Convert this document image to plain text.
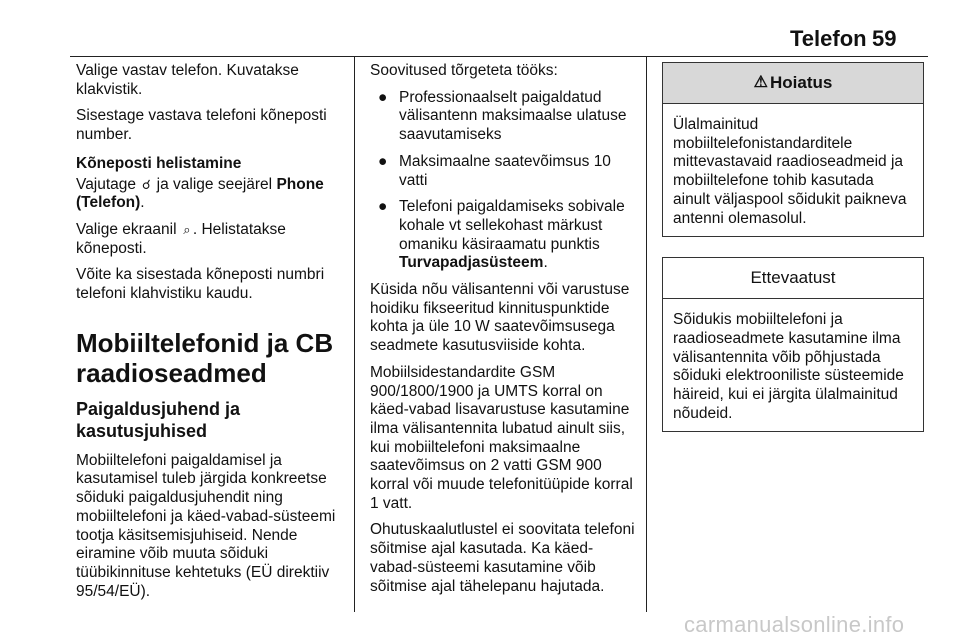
Telefon 59

Valige vastav telefon. Kuvatakse klakvistik.

Sisestage vastava telefoni kõneposti number.

Kõneposti helistamine

Vajutage ☌ ja valige seejärel Phone (Telefon).

Valige ekraanil ⌕ . Helistatakse kõneposti.

Võite ka sisestada kõneposti numbri telefoni klahvistiku kaudu.

Mobiiltelefonid ja CB raadioseadmed
Paigaldusjuhend ja kasutusjuhised

Mobiiltelefoni paigaldamisel ja kasutamisel tuleb järgida konkreetse sõiduki paigaldusjuhendit ning mobiiltelefoni ja käed-vabad-süsteemi tootja käsitsemisjuhiseid. Nende eiramine võib muuta sõiduki tüübikinnituse kehtetuks (EÜ direktiiv 95/54/EÜ).

Soovitused tõrgeteta tööks:

● Professionaalselt paigaldatud välisantenn maksimaalse ulatuse saavutamiseks
● Maksimaalne saatevõimsus 10 vatti
● Telefoni paigaldamiseks sobivale kohale vt sellekohast märkust omaniku käsiraamatu punktis Turvapadjasüsteem.

Küsida nõu välisantenni või varustuse hoidiku fikseeritud kinnituspunktide kohta ja üle 10 W saatevõimsusega seadmete kasutusviiside kohta.

Mobiilsidestandardite GSM 900/1800/1900 ja UMTS korral on käed-vabad lisavarustuse kasutamine ilma välisantennita lubatud ainult siis, kui mobiiltelefoni maksimaalne saatevõimsus on 2 vatti GSM 900 korral või muude telefonitüüpide korral 1 vatt.

Ohutuskaalutlustel ei soovitata telefoni sõitmise ajal kasutada. Ka käed-vabad-süsteemi kasutamine võib sõitmise ajal tähelepanu hajutada.

⚠ Hoiatus
Ülalmainitud mobiiltelefonistandarditele mittevastavaid raadioseadmeid ja mobiiltelefone tohib kasutada ainult väljaspool sõidukit paikneva antenni olemasolul.
Ettevaatust
Sõidukis mobiiltelefoni ja raadioseadmete kasutamine ilma välisantennita võib põhjustada sõiduki elektrooniliste süsteemide häireid, kui ei järgita ülalmainitud nõudeid.
carmanualsonline.info
